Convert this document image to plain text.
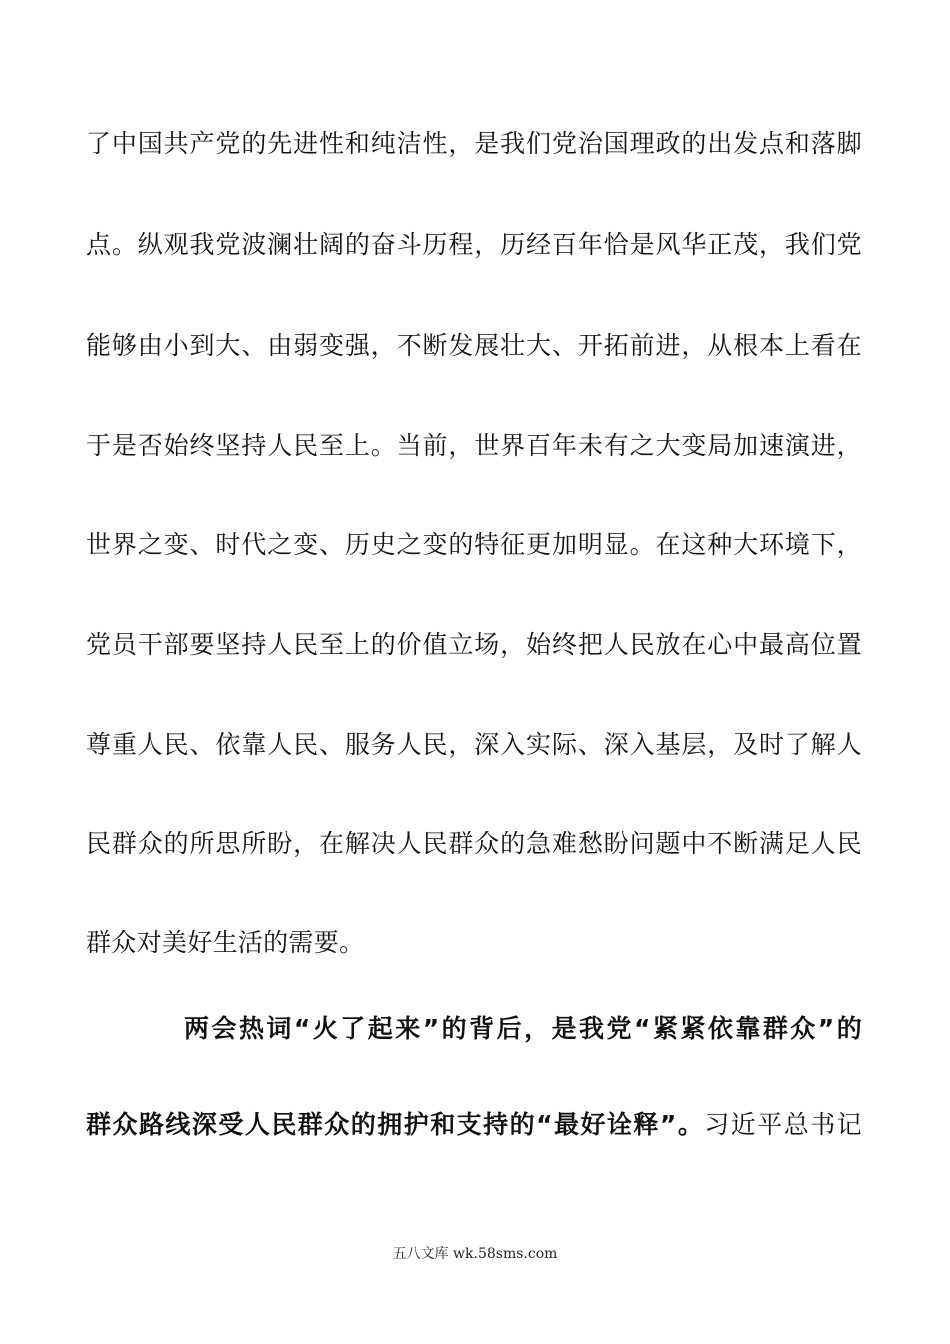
了中国共产党的先进性和纯洁性，是我们党治国理政的出发点和落脚
点。纵观我党波澜壮阔的奋斗历程，历经百年恰是风华正茂，我们党
能够由小到大、由弱变强，不断发展壮大、开拓前进，从根本上看在
于是否始终坚持人民至上。当前，世界百年未有之大变局加速演进，
世界之变、时代之变、历史之变的特征更加明显。在这种大环境下，
党员干部要坚持人民至上的价值立场，始终把人民放在心中最高位置
尊重人民、依靠人民、服务人民，深入实际、深入基层，及时了解人
民群众的所思所盼，在解决人民群众的急难愁盼问题中不断满足人民
群众对美好生活的需要。
两会热词“火了起来”的背后，是我党“紧紧依靠群众”的
群众路线深受人民群众的拥护和支持的“最好诠释”。习近平总书记
五八文库 wk.58sms.com
